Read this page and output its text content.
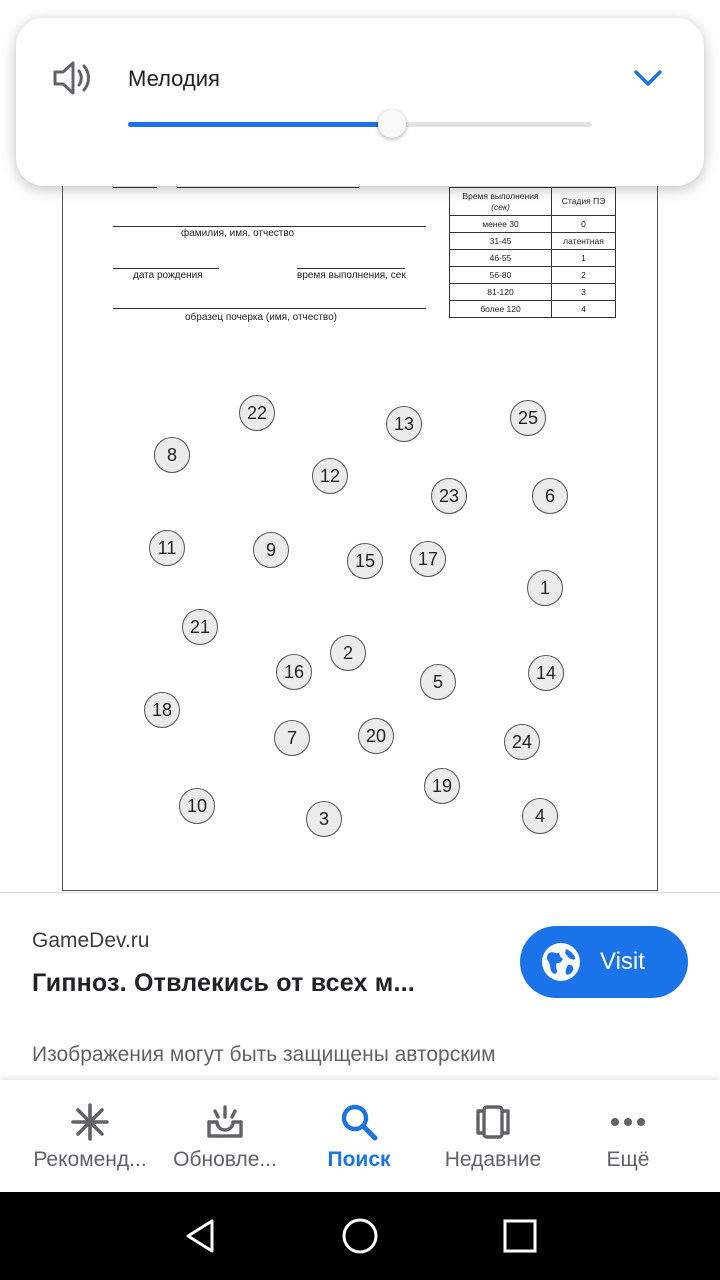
фамилия, имя, отчество
дата рождения	время выполнения, сек
образец почерка (имя, отчество)
Время выполнения
(сек)	Стадия ПЭ
менее 30	0
31-45	латентная
46-55	1
56-80	2
81-120	3
более 120	4
22
13	25
8
12
23	6
11	9
15	17
1
21
2
16	5	14
18
7	20	24
19
10
3	4
GameDev.ru
Гипноз. Отвлекись от всех м...
Visit
Изображения могут быть защищены авторским
Рекоменд...	Обновле...	Поиск	Недавние	Ещё
Мелодия
